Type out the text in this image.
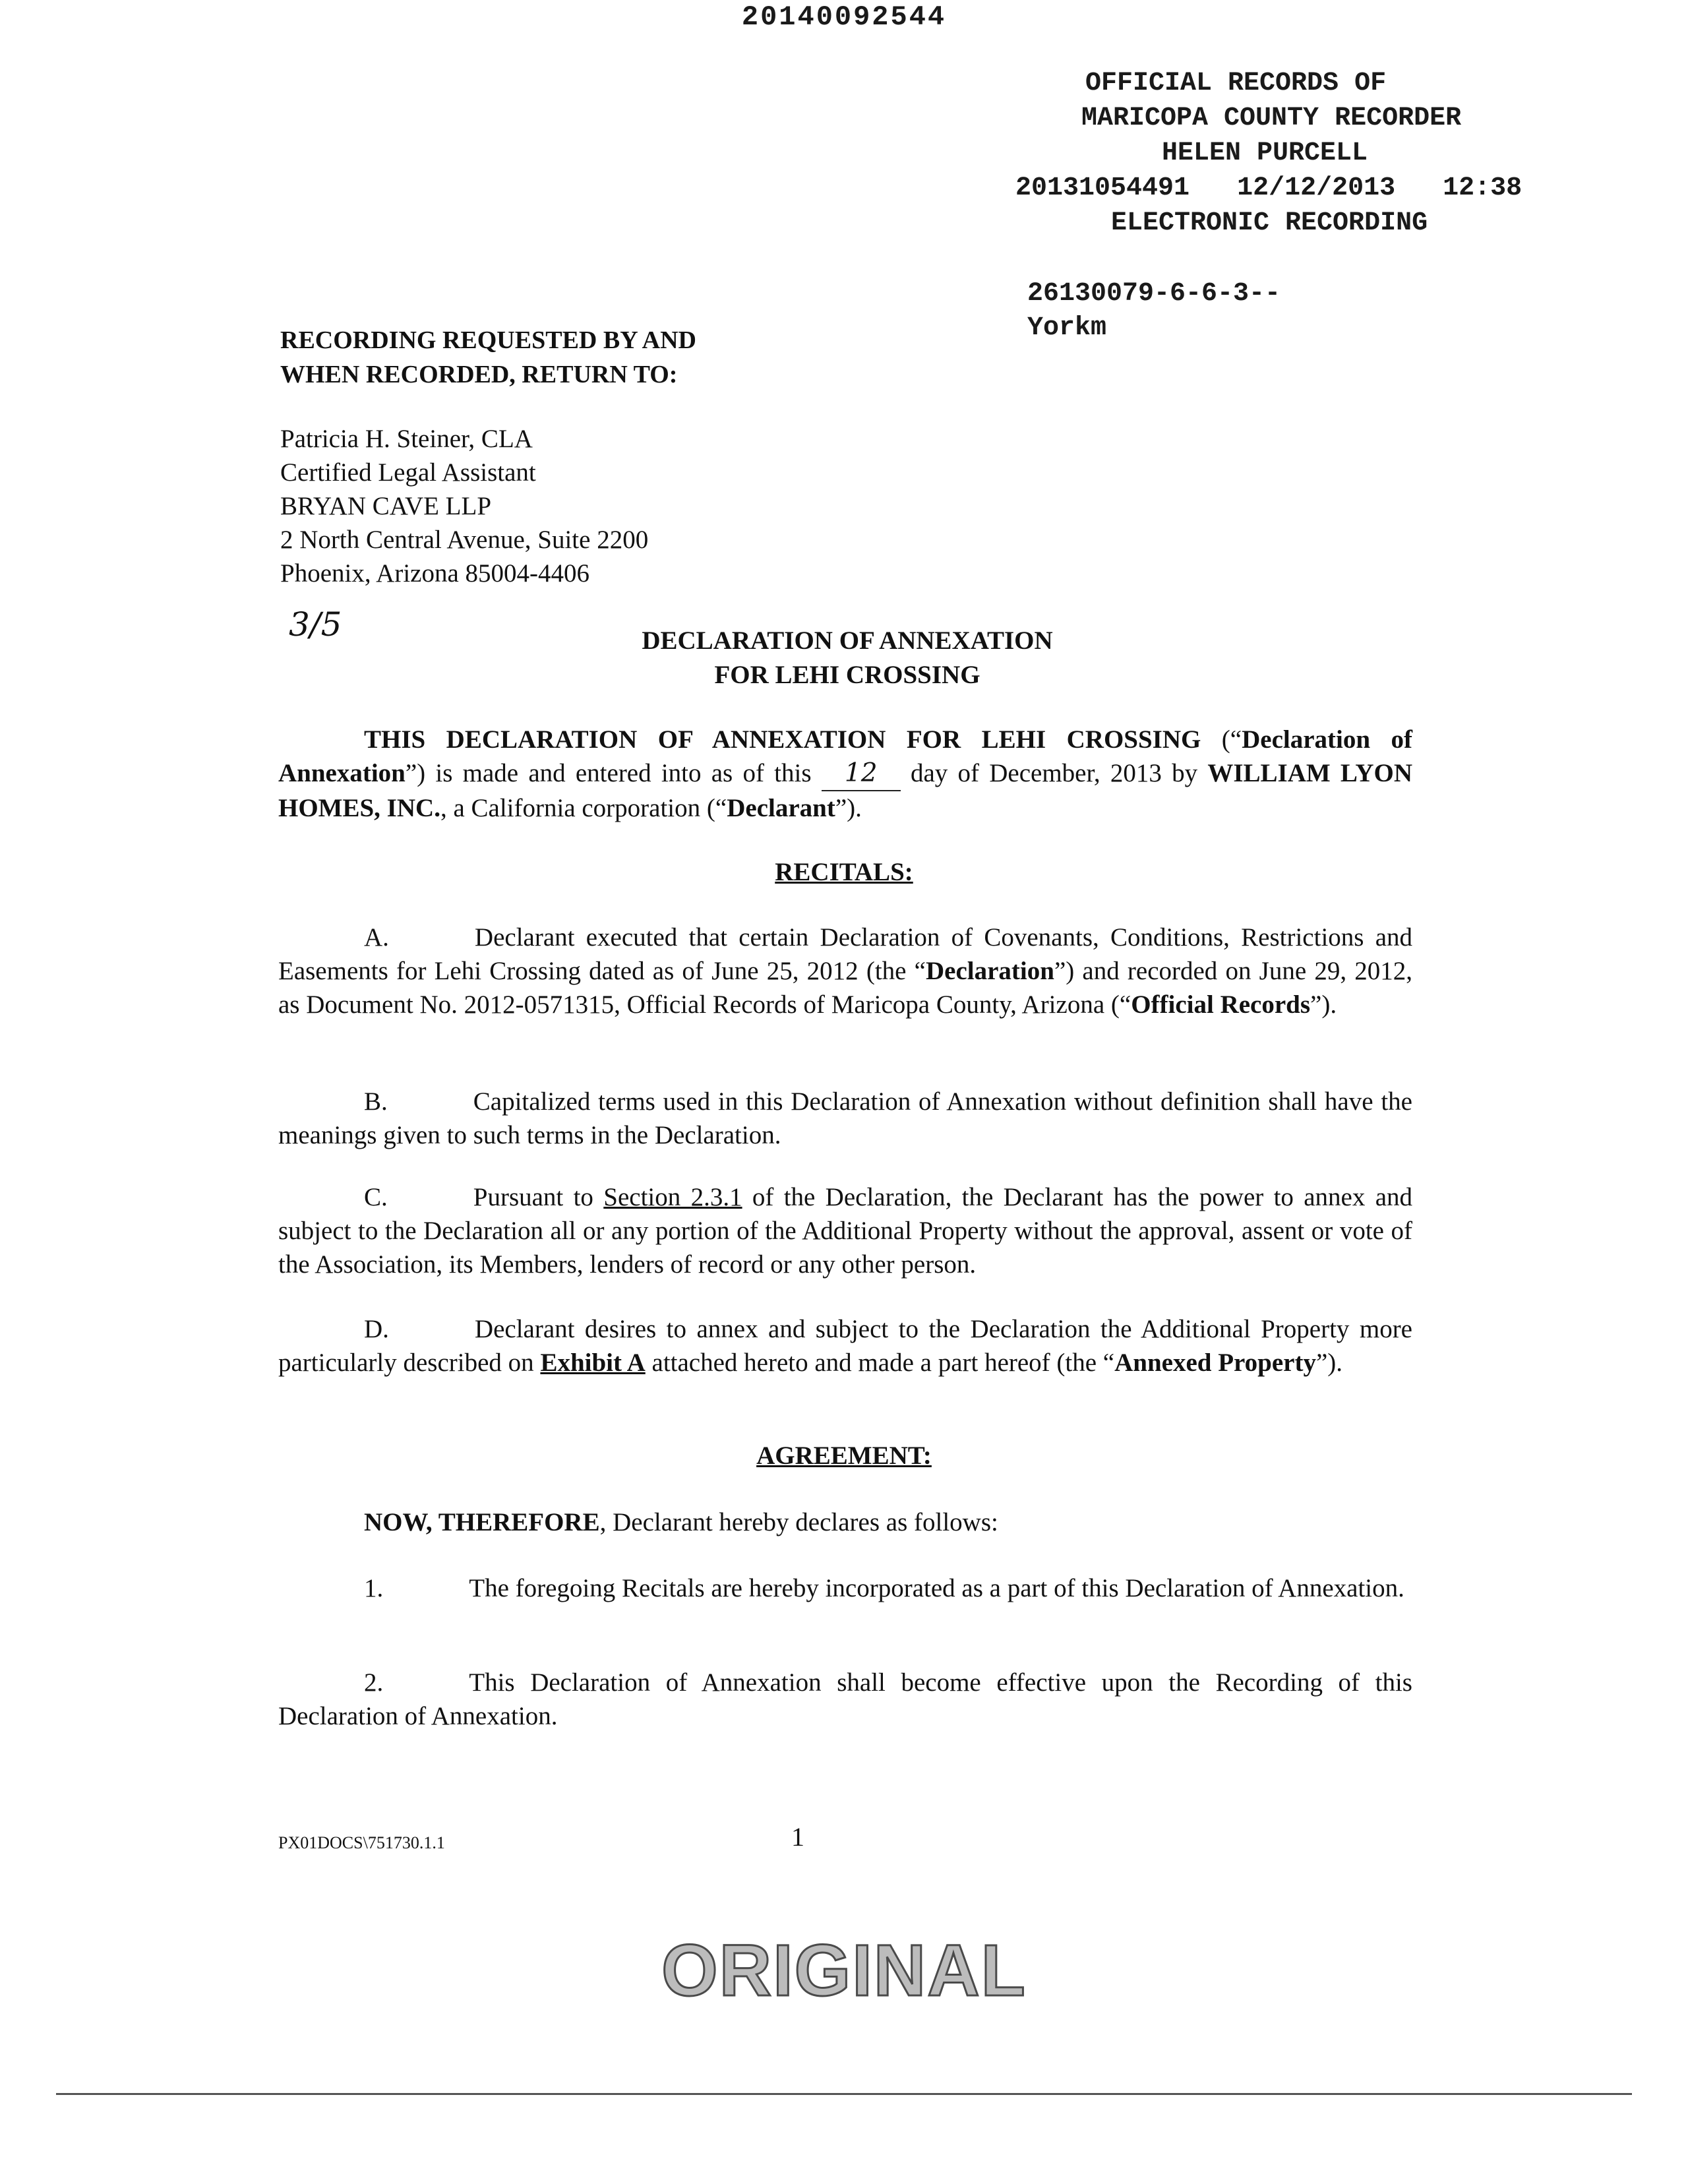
20140092544
OFFICIAL RECORDS OF
MARICOPA COUNTY RECORDER
HELEN PURCELL
20131054491 12/12/2013 12:38
ELECTRONIC RECORDING
26130079-6-6-3--
Yorkm
RECORDING REQUESTED BY AND
WHEN RECORDED, RETURN TO:
Patricia H. Steiner, CLA
Certified Legal Assistant
BRYAN CAVE LLP
2 North Central Avenue, Suite 2200
Phoenix, Arizona 85004-4406
3/5	DECLARATION OF ANNEXATION
FOR LEHI CROSSING
THIS DECLARATION OF ANNEXATION FOR LEHI CROSSING (“Declaration of Annexation”) is made and entered into as of this 12 day of December, 2013 by WILLIAM LYON HOMES, INC., a California corporation (“Declarant”).
RECITALS:
A.	Declarant executed that certain Declaration of Covenants, Conditions, Restrictions and Easements for Lehi Crossing dated as of June 25, 2012 (the “Declaration”) and recorded on June 29, 2012, as Document No. 2012-0571315, Official Records of Maricopa County, Arizona (“Official Records”).
B.	Capitalized terms used in this Declaration of Annexation without definition shall have the meanings given to such terms in the Declaration.
C.	Pursuant to Section 2.3.1 of the Declaration, the Declarant has the power to annex and subject to the Declaration all or any portion of the Additional Property without the approval, assent or vote of the Association, its Members, lenders of record or any other person.
D.	Declarant desires to annex and subject to the Declaration the Additional Property more particularly described on Exhibit A attached hereto and made a part hereof (the “Annexed Property”).
AGREEMENT:
NOW, THEREFORE, Declarant hereby declares as follows:
1.	The foregoing Recitals are hereby incorporated as a part of this Declaration of Annexation.
2.	This Declaration of Annexation shall become effective upon the Recording of this Declaration of Annexation.
PX01DOCS\751730.1.1	1
ORIGINAL
